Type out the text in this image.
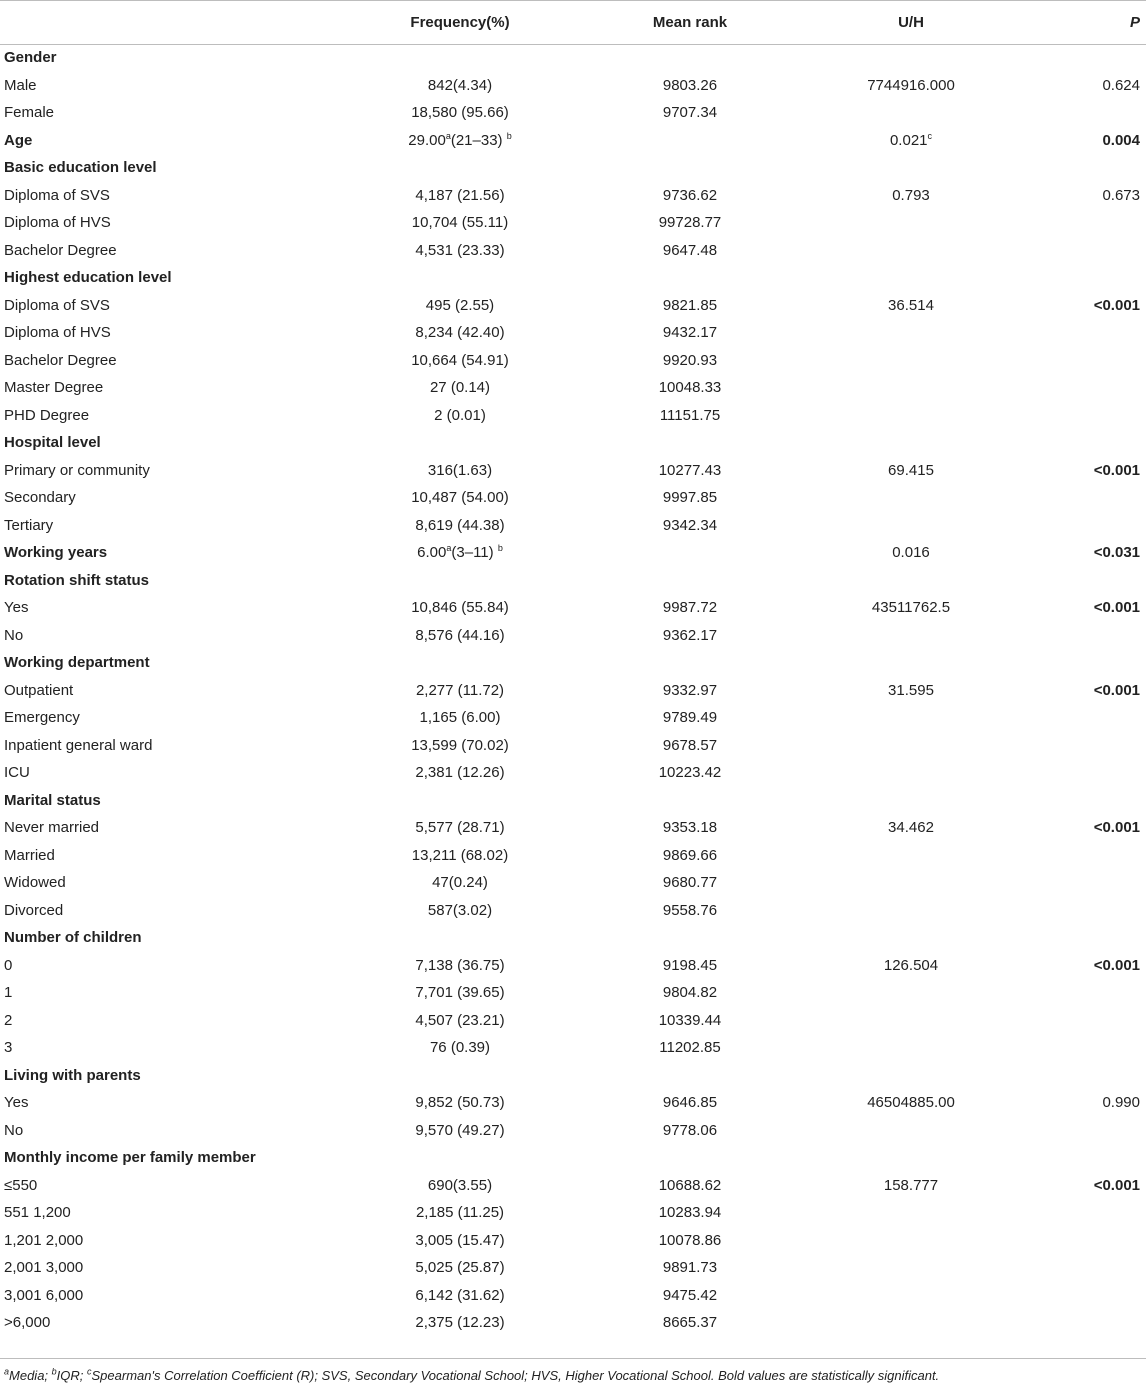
	Frequency(%)	Mean rank	U/H	P
Gender				
Male	842(4.34)	9803.26	7744916.000	0.624
Female	18,580 (95.66)	9707.34		
Age	29.00$^a$(21–33) $^b$		0.021$^c$	0.004
Basic education level				
Diploma of SVS	4,187 (21.56)	9736.62	0.793	0.673
Diploma of HVS	10,704 (55.11)	99728.77		
Bachelor Degree	4,531 (23.33)	9647.48		
Highest education level				
Diploma of SVS	495 (2.55)	9821.85	36.514	<0.001
Diploma of HVS	8,234 (42.40)	9432.17		
Bachelor Degree	10,664 (54.91)	9920.93		
Master Degree	27 (0.14)	10048.33		
PHD Degree	2 (0.01)	11151.75		
Hospital level				
Primary or community	316(1.63)	10277.43	69.415	<0.001
Secondary	10,487 (54.00)	9997.85		
Tertiary	8,619 (44.38)	9342.34		
Working years	6.00$^a$(3–11) $^b$		0.016	<0.031
Rotation shift status				
Yes	10,846 (55.84)	9987.72	43511762.5	<0.001
No	8,576 (44.16)	9362.17		
Working department				
Outpatient	2,277 (11.72)	9332.97	31.595	<0.001
Emergency	1,165 (6.00)	9789.49		
Inpatient general ward	13,599 (70.02)	9678.57		
ICU	2,381 (12.26)	10223.42		
Marital status				
Never married	5,577 (28.71)	9353.18	34.462	<0.001
Married	13,211 (68.02)	9869.66		
Widowed	47(0.24)	9680.77		
Divorced	587(3.02)	9558.76		
Number of children				
0	7,138 (36.75)	9198.45	126.504	<0.001
1	7,701 (39.65)	9804.82		
2	4,507 (23.21)	10339.44		
3	76 (0.39)	11202.85		
Living with parents				
Yes	9,852 (50.73)	9646.85	46504885.00	0.990
No	9,570 (49.27)	9778.06		
Monthly income per family member				
≤550	690(3.55)	10688.62	158.777	<0.001
551 1,200	2,185 (11.25)	10283.94		
1,201 2,000	3,005 (15.47)	10078.86		
2,001 3,000	5,025 (25.87)	9891.73		
3,001 6,000	6,142 (31.62)	9475.42		
>6,000	2,375 (12.23)	8665.37		
$^a$Media; $^b$IQR; $^c$Spearman's Correlation Coefficient (R); SVS, Secondary Vocational School; HVS, Higher Vocational School. Bold values are statistically significant.
